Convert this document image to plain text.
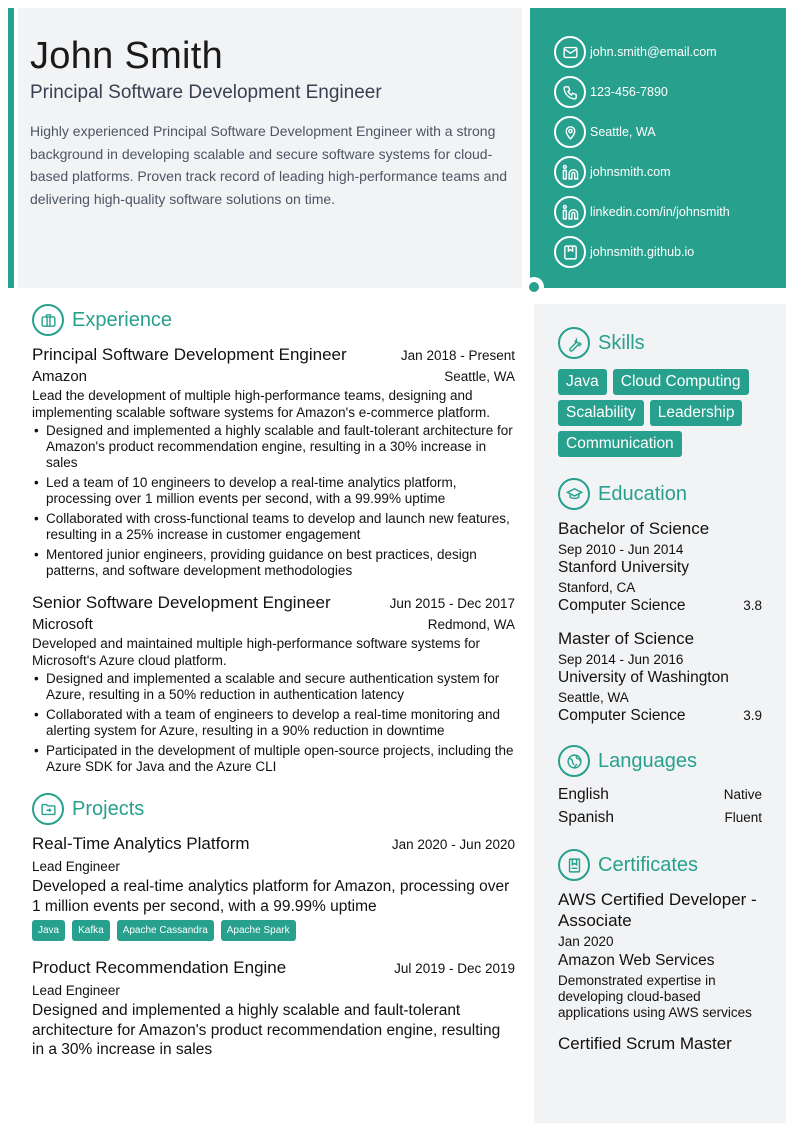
John Smith
Principal Software Development Engineer

Highly experienced Principal Software Development Engineer with a strong background in developing scalable and secure software systems for cloud-based platforms. Proven track record of leading high-performance teams and delivering high-quality software solutions on time.

john.smith@email.com
123-456-7890
Seattle, WA
johnsmith.com
linkedin.com/in/johnsmith
johnsmith.github.io
Experience
Principal Software Development Engineer	Jan 2018 - Present
Amazon	Seattle, WA

Lead the development of multiple high-performance teams, designing and implementing scalable software systems for Amazon's e-commerce platform.

• Designed and implemented a highly scalable and fault-tolerant architecture for Amazon's product recommendation engine, resulting in a 30% increase in sales
• Led a team of 10 engineers to develop a real-time analytics platform, processing over 1 million events per second, with a 99.99% uptime
• Collaborated with cross-functional teams to develop and launch new features, resulting in a 25% increase in customer engagement
• Mentored junior engineers, providing guidance on best practices, design patterns, and software development methodologies
Senior Software Development Engineer	Jun 2015 - Dec 2017
Microsoft	Redmond, WA

Developed and maintained multiple high-performance software systems for Microsoft's Azure cloud platform.

• Designed and implemented a scalable and secure authentication system for Azure, resulting in a 50% reduction in authentication latency
• Collaborated with a team of engineers to develop a real-time monitoring and alerting system for Azure, resulting in a 90% reduction in downtime
• Participated in the development of multiple open-source projects, including the Azure SDK for Java and the Azure CLI
Projects
Real-Time Analytics Platform	Jan 2020 - Jun 2020
Lead Engineer

Developed a real-time analytics platform for Amazon, processing over 1 million events per second, with a 99.99% uptime

Java	Kafka	Apache Cassandra	Apache Spark
Product Recommendation Engine	Jul 2019 - Dec 2019
Lead Engineer

Designed and implemented a highly scalable and fault-tolerant architecture for Amazon's product recommendation engine, resulting in a 30% increase in sales

Skills
Java	Cloud Computing
Scalability	Leadership
Communication
Education
Bachelor of Science
Sep 2010 - Jun 2014
Stanford University
Stanford, CA
Computer Science	3.8
Master of Science
Sep 2014 - Jun 2016
University of Washington
Seattle, WA
Computer Science	3.9
Languages
English	Native
Spanish	Fluent
Certificates
AWS Certified Developer - Associate
Jan 2020
Amazon Web Services

Demonstrated expertise in developing cloud-based applications using AWS services

Certified Scrum Master
